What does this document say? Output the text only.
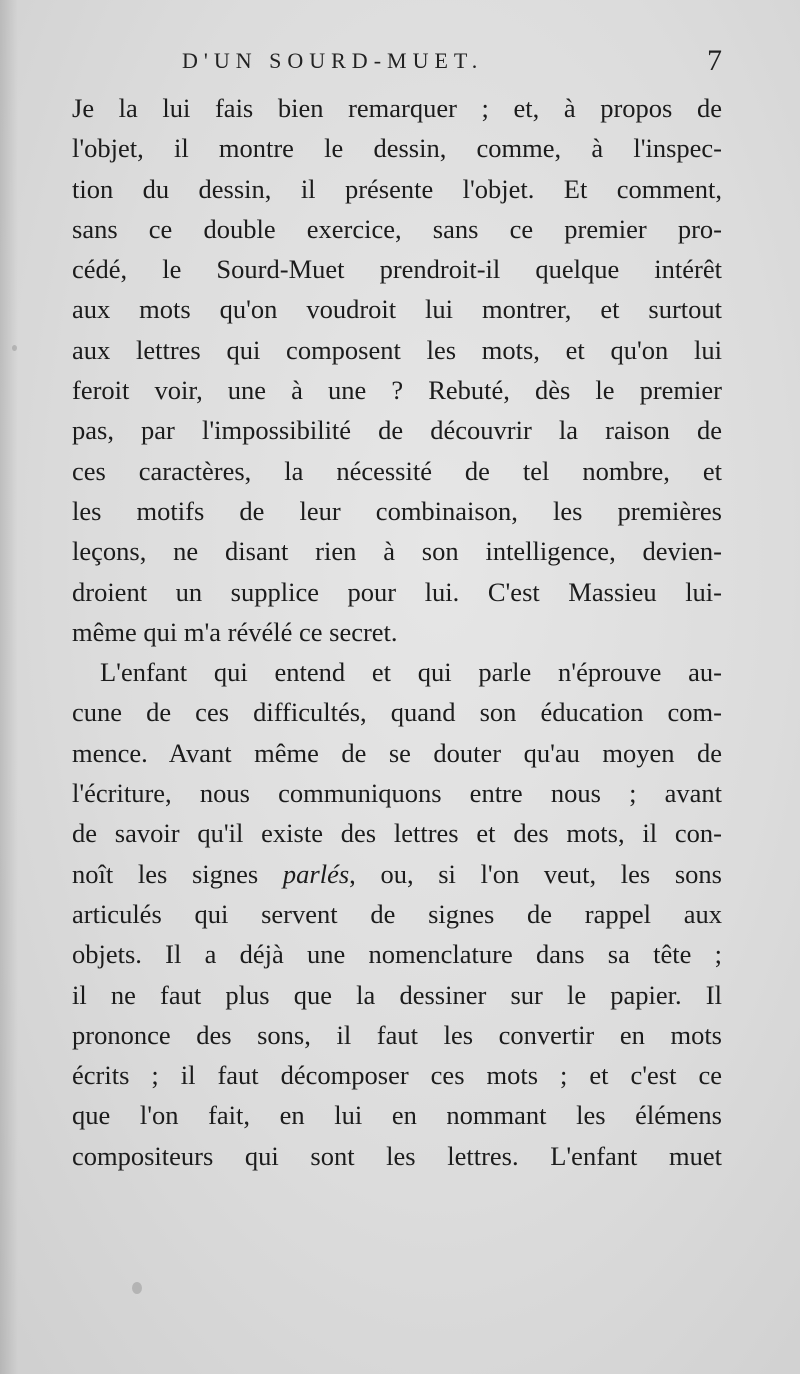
D'UN SOURD-MUET.	7
Je la lui fais bien remarquer ; et, à propos de
l'objet, il montre le dessin, comme, à l'inspec-
tion du dessin, il présente l'objet. Et comment,
sans ce double exercice, sans ce premier pro-
cédé, le Sourd-Muet prendroit-il quelque intérêt
aux mots qu'on voudroit lui montrer, et surtout
aux lettres qui composent les mots, et qu'on lui
feroit voir, une à une ? Rebuté, dès le premier
pas, par l'impossibilité de découvrir la raison de
ces caractères, la nécessité de tel nombre, et
les motifs de leur combinaison, les premières
leçons, ne disant rien à son intelligence, devien-
droient un supplice pour lui. C'est Massieu lui-
même qui m'a révélé ce secret.
L'enfant qui entend et qui parle n'éprouve au-
cune de ces difficultés, quand son éducation com-
mence. Avant même de se douter qu'au moyen de
l'écriture, nous communiquons entre nous ; avant
de savoir qu'il existe des lettres et des mots, il con-
noît les signes parlés, ou, si l'on veut, les sons
articulés qui servent de signes de rappel aux
objets. Il a déjà une nomenclature dans sa tête ;
il ne faut plus que la dessiner sur le papier. Il
prononce des sons, il faut les convertir en mots
écrits ; il faut décomposer ces mots ; et c'est ce
que l'on fait, en lui en nommant les élémens
compositeurs qui sont les lettres. L'enfant muet
